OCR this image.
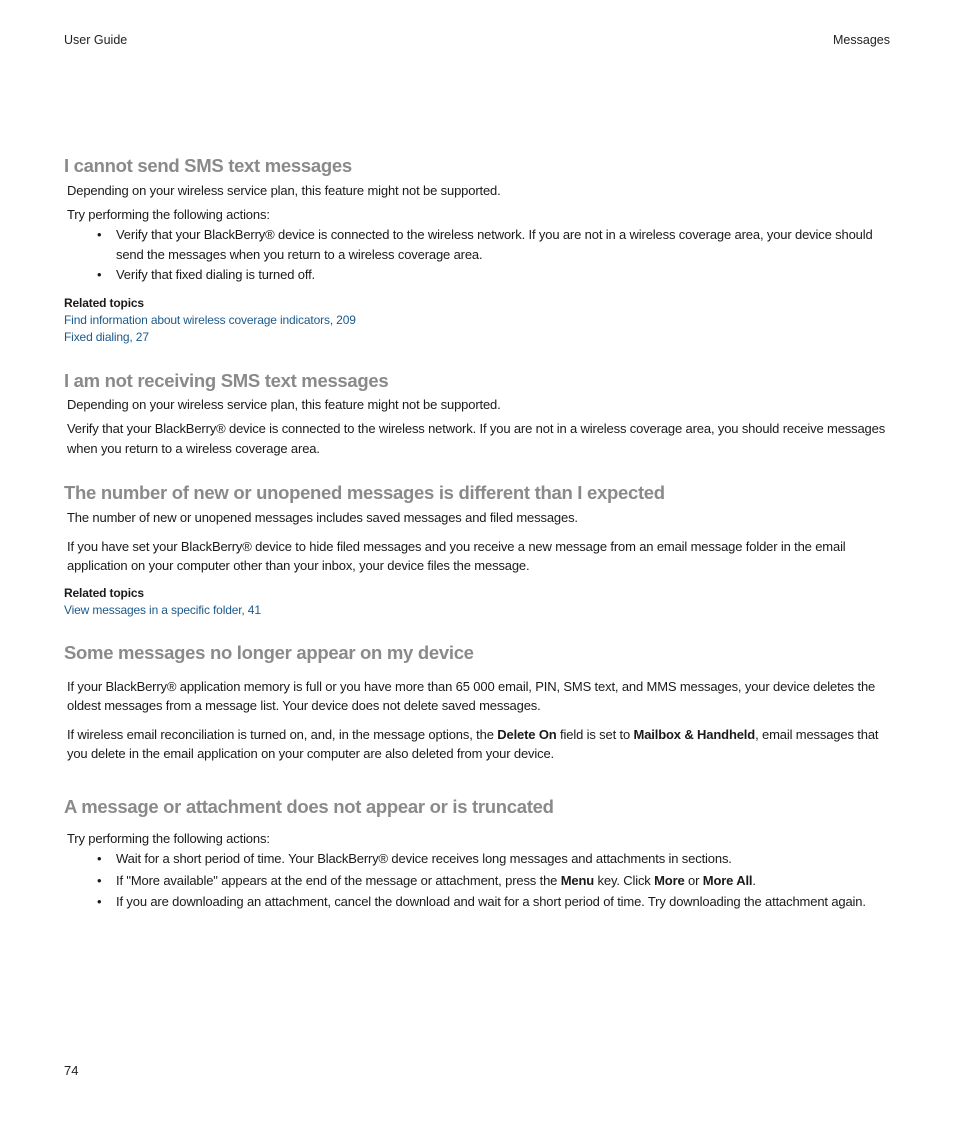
User Guide	Messages
I cannot send SMS text messages

Depending on your wireless service plan, this feature might not be supported.

Try performing the following actions:

• Verify that your BlackBerry® device is connected to the wireless network. If you are not in a wireless coverage area, your device should send the messages when you return to a wireless coverage area.
• Verify that fixed dialing is turned off.

Related topics

Find information about wireless coverage indicators, 209
Fixed dialing, 27
I am not receiving SMS text messages

Depending on your wireless service plan, this feature might not be supported.

Verify that your BlackBerry® device is connected to the wireless network. If you are not in a wireless coverage area, you should receive messages when you return to a wireless coverage area.

The number of new or unopened messages is different than I expected

The number of new or unopened messages includes saved messages and filed messages.

If you have set your BlackBerry® device to hide filed messages and you receive a new message from an email message folder in the email application on your computer other than your inbox, your device files the message.

Related topics

View messages in a specific folder, 41
Some messages no longer appear on my device

If your BlackBerry® application memory is full or you have more than 65 000 email, PIN, SMS text, and MMS messages, your device deletes the oldest messages from a message list. Your device does not delete saved messages.

If wireless email reconciliation is turned on, and, in the message options, the Delete On field is set to Mailbox & Handheld, email messages that you delete in the email application on your computer are also deleted from your device.

A message or attachment does not appear or is truncated

Try performing the following actions:

• Wait for a short period of time. Your BlackBerry® device receives long messages and attachments in sections.
• If "More available" appears at the end of the message or attachment, press the Menu key. Click More or More All.
• If you are downloading an attachment, cancel the download and wait for a short period of time. Try downloading the attachment again.
74
